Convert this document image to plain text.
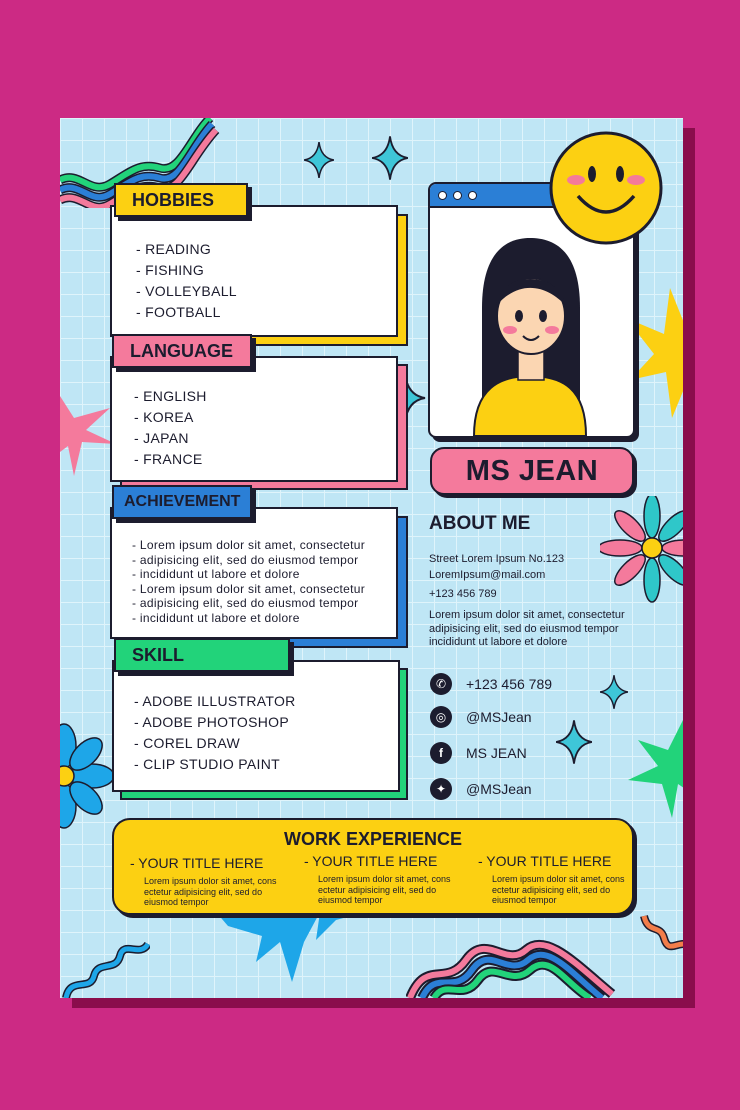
- READING
- FISHING
- VOLLEYBALL
- FOOTBALL
HOBBIES
- ENGLISH
- KOREA
- JAPAN
- FRANCE
LANGUAGE
- Lorem ipsum dolor sit amet, consectetur
- adipisicing elit, sed do eiusmod tempor
- incididunt ut labore et dolore
- Lorem ipsum dolor sit amet, consectetur
- adipisicing elit, sed do eiusmod tempor
- incididunt ut labore et dolore
ACHIEVEMENT
- ADOBE ILLUSTRATOR
- ADOBE PHOTOSHOP
- COREL DRAW
- CLIP STUDIO PAINT
SKILL
MS JEAN
ABOUT ME
Street Lorem Ipsum No.123
LoremIpsum@mail.com
+123 456 789
Lorem ipsum dolor sit amet, consectetur adipisicing elit, sed do eiusmod tempor incididunt ut labore et dolore
✆	+123 456 789
◎	@MSJean
f	MS JEAN
✦	@MSJean
WORK EXPERIENCE
- YOUR TITLE HERE
Lorem ipsum dolor sit amet, cons ectetur adipisicing elit, sed do eiusmod tempor
- YOUR TITLE HERE
Lorem ipsum dolor sit amet, cons ectetur adipisicing elit, sed do eiusmod tempor
- YOUR TITLE HERE
Lorem ipsum dolor sit amet, cons ectetur adipisicing elit, sed do eiusmod tempor
